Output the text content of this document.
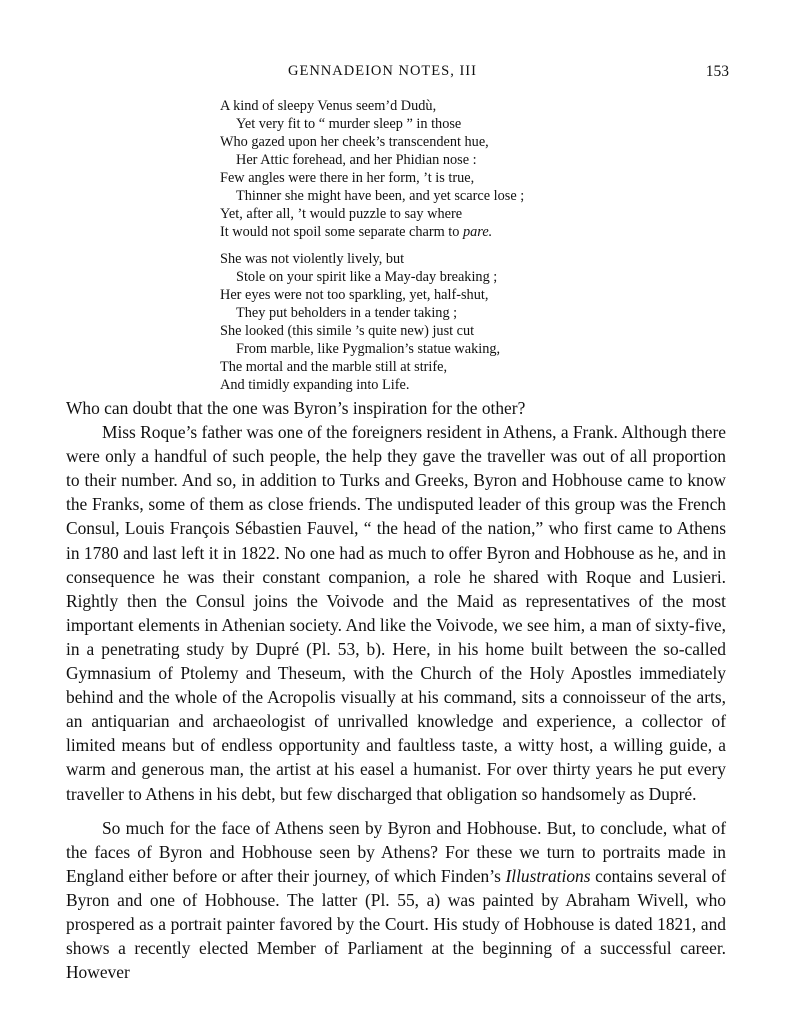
GENNADEION NOTES, III	153
A kind of sleepy Venus seem’d Dudù,
Yet very fit to “ murder sleep ” in those
Who gazed upon her cheek’s transcendent hue,
Her Attic forehead, and her Phidian nose :
Few angles were there in her form, ’t is true,
Thinner she might have been, and yet scarce lose ;
Yet, after all, ’t would puzzle to say where
It would not spoil some separate charm to pare.
She was not violently lively, but
Stole on your spirit like a May-day breaking ;
Her eyes were not too sparkling, yet, half-shut,
They put beholders in a tender taking ;
She looked (this simile ’s quite new) just cut
From marble, like Pygmalion’s statue waking,
The mortal and the marble still at strife,
And timidly expanding into Life.

Who can doubt that the one was Byron’s inspiration for the other?

Miss Roque’s father was one of the foreigners resident in Athens, a Frank. Although there were only a handful of such people, the help they gave the traveller was out of all proportion to their number. And so, in addition to Turks and Greeks, Byron and Hobhouse came to know the Franks, some of them as close friends. The undisputed leader of this group was the French Consul, Louis François Sébastien Fauvel, “ the head of the nation,” who first came to Athens in 1780 and last left it in 1822. No one had as much to offer Byron and Hobhouse as he, and in consequence he was their constant companion, a role he shared with Roque and Lusieri. Rightly then the Consul joins the Voivode and the Maid as representatives of the most important elements in Athenian society. And like the Voivode, we see him, a man of sixty-five, in a penetrating study by Dupré (Pl. 53, b). Here, in his home built between the so-called Gymnasium of Ptolemy and Theseum, with the Church of the Holy Apostles immediately behind and the whole of the Acropolis visually at his command, sits a connoisseur of the arts, an antiquarian and archaeologist of unrivalled knowledge and experience, a collector of limited means but of endless opportunity and faultless taste, a witty host, a willing guide, a warm and generous man, the artist at his easel a humanist. For over thirty years he put every traveller to Athens in his debt, but few discharged that obligation so handsomely as Dupré.

So much for the face of Athens seen by Byron and Hobhouse. But, to conclude, what of the faces of Byron and Hobhouse seen by Athens? For these we turn to portraits made in England either before or after their journey, of which Finden’s Illustrations contains several of Byron and one of Hobhouse. The latter (Pl. 55, a) was painted by Abraham Wivell, who prospered as a portrait painter favored by the Court. His study of Hobhouse is dated 1821, and shows a recently elected Member of Parliament at the beginning of a successful career. However
